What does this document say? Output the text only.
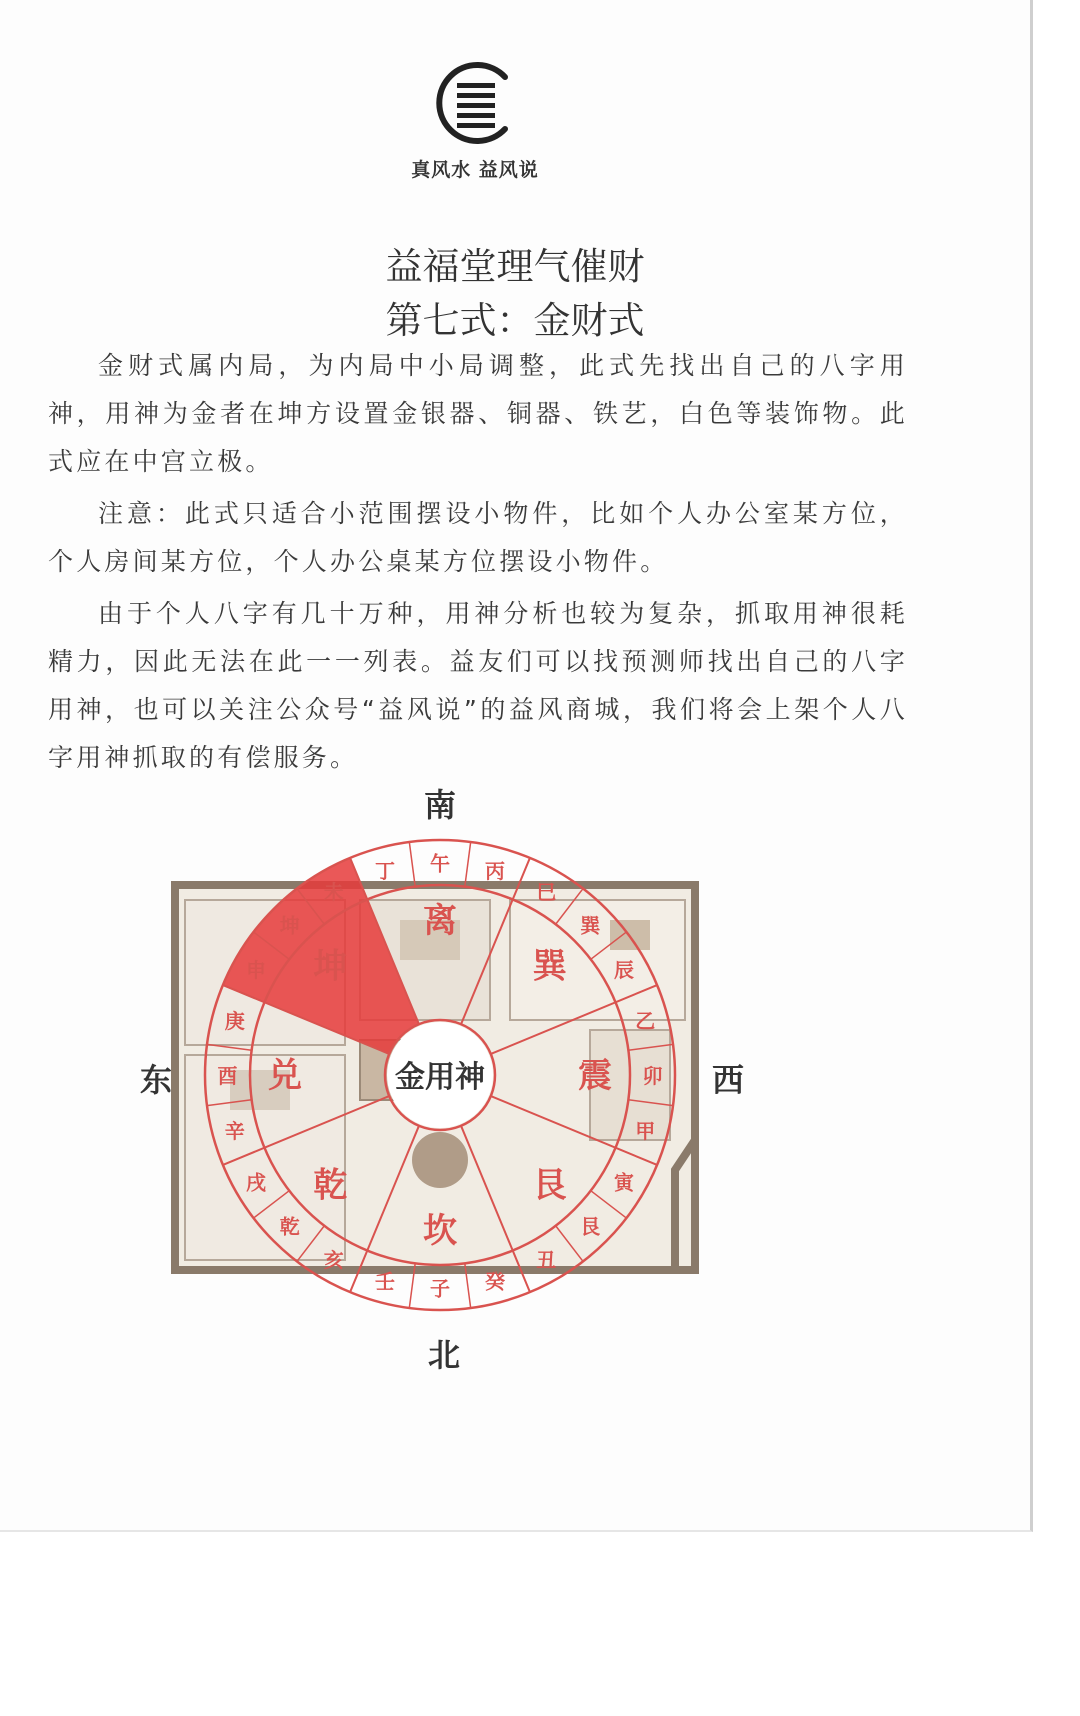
真风水 益风说
益福堂理气催财
第七式：金财式

金财式属内局，为内局中小局调整，此式先找出自己的八字用神，用神为金者在坤方设置金银器、铜器、铁艺，白色等装饰物。此式应在中宫立极。

注意：此式只适合小范围摆设小物件，比如个人办公室某方位，个人房间某方位，个人办公桌某方位摆设小物件。

由于个人八字有几十万种，用神分析也较为复杂，抓取用神很耗精力，因此无法在此一一列表。益友们可以找预测师找出自己的八字用神，也可以关注公众号“益风说”的益风商城，我们将会上架个人八字用神抓取的有偿服务。

南
北
东	西
离
坤
兑
乾
坎
艮
震
巽
丙
午
丁
未
坤
申
庚
酉
辛
戌
乾
亥
壬 子 癸
丑
艮
寅
甲
卯
乙
辰
巽
巳
金用神
